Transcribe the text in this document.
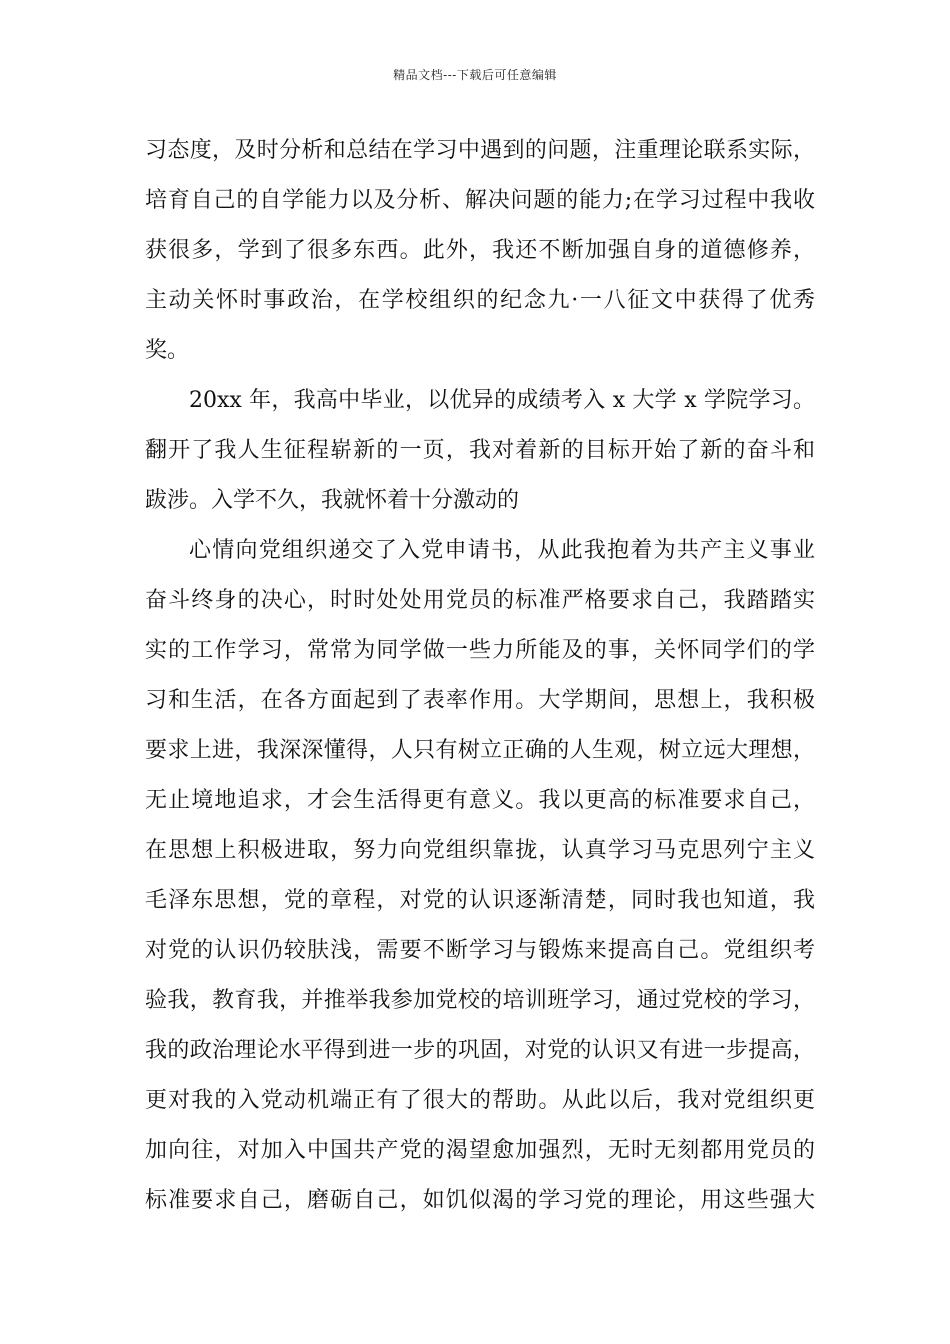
精品文档---下载后可任意编辑
习态度，及时分析和总结在学习中遇到的问题，注重理论联系实际，
培育自己的自学能力以及分析、解决问题的能力;在学习过程中我收
获很多，学到了很多东西。此外，我还不断加强自身的道德修养，
主动关怀时事政治，在学校组织的纪念九·一八征文中获得了优秀
奖。
20xx 年，我高中毕业，以优异的成绩考入 x 大学 x 学院学习。
翻开了我人生征程崭新的一页，我对着新的目标开始了新的奋斗和
跋涉。入学不久，我就怀着十分激动的
心情向党组织递交了入党申请书，从此我抱着为共产主义事业
奋斗终身的决心，时时处处用党员的标准严格要求自己，我踏踏实
实的工作学习，常常为同学做一些力所能及的事，关怀同学们的学
习和生活，在各方面起到了表率作用。大学期间，思想上，我积极
要求上进，我深深懂得，人只有树立正确的人生观，树立远大理想，
无止境地追求，才会生活得更有意义。我以更高的标准要求自己，
在思想上积极进取，努力向党组织靠拢，认真学习马克思列宁主义
毛泽东思想，党的章程，对党的认识逐渐清楚，同时我也知道，我
对党的认识仍较肤浅，需要不断学习与锻炼来提高自己。党组织考
验我，教育我，并推举我参加党校的培训班学习，通过党校的学习，
我的政治理论水平得到进一步的巩固，对党的认识又有进一步提高，
更对我的入党动机端正有了很大的帮助。从此以后，我对党组织更
加向往，对加入中国共产党的渴望愈加强烈，无时无刻都用党员的
标准要求自己，磨砺自己，如饥似渴的学习党的理论，用这些强大
